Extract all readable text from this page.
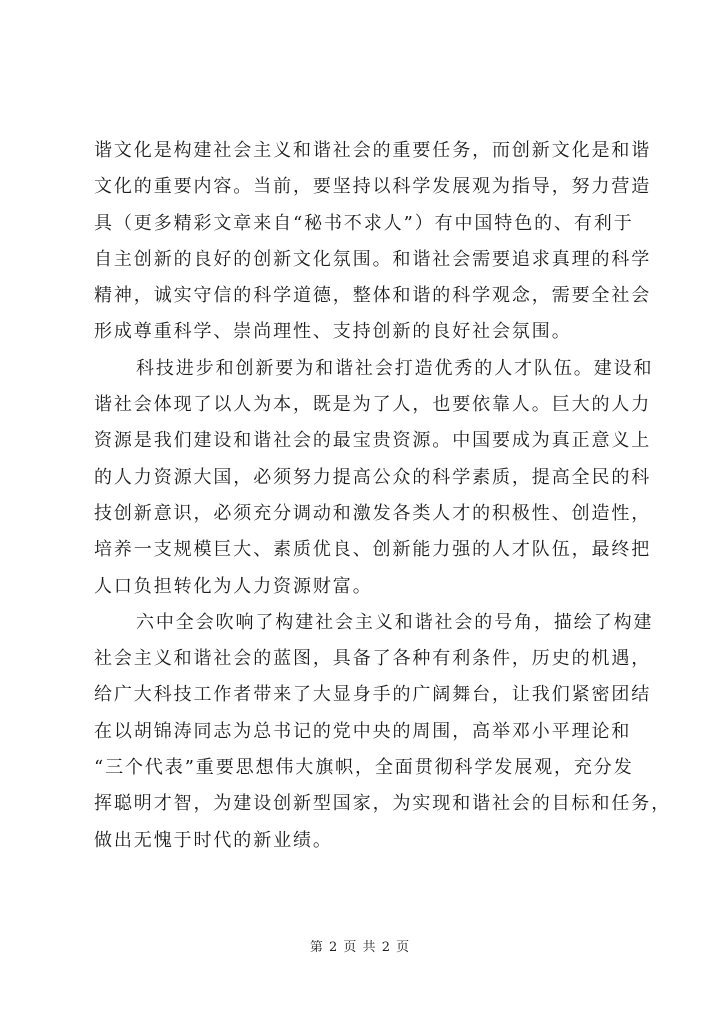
谐文化是构建社会主义和谐社会的重要任务，而创新文化是和谐
文化的重要内容。当前，要坚持以科学发展观为指导，努力营造
具（更多精彩文章来自“秘书不求人”）有中国特色的、有利于
自主创新的良好的创新文化氛围。和谐社会需要追求真理的科学
精神，诚实守信的科学道德，整体和谐的科学观念，需要全社会
形成尊重科学、崇尚理性、支持创新的良好社会氛围。
科技进步和创新要为和谐社会打造优秀的人才队伍。建设和
谐社会体现了以人为本，既是为了人，也要依靠人。巨大的人力
资源是我们建设和谐社会的最宝贵资源。中国要成为真正意义上
的人力资源大国，必须努力提高公众的科学素质，提高全民的科
技创新意识，必须充分调动和激发各类人才的积极性、创造性，
培养一支规模巨大、素质优良、创新能力强的人才队伍，最终把
人口负担转化为人力资源财富。
六中全会吹响了构建社会主义和谐社会的号角，描绘了构建
社会主义和谐社会的蓝图，具备了各种有利条件，历史的机遇，
给广大科技工作者带来了大显身手的广阔舞台，让我们紧密团结
在以胡锦涛同志为总书记的党中央的周围，高举邓小平理论和
“三个代表”重要思想伟大旗帜，全面贯彻科学发展观，充分发
挥聪明才智，为建设创新型国家，为实现和谐社会的目标和任务，
做出无愧于时代的新业绩。
第 2 页 共 2 页
